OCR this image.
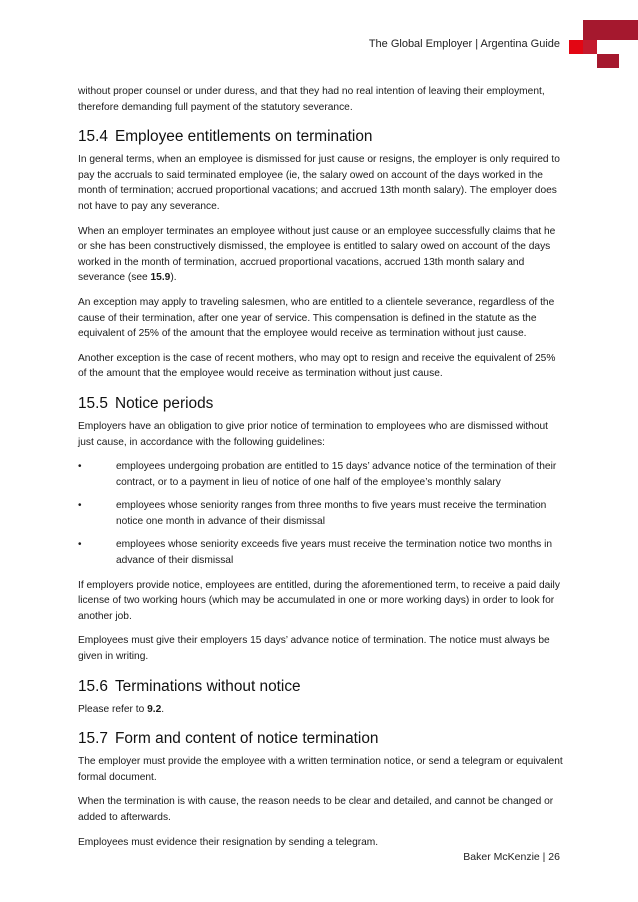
The Global Employer | Argentina Guide

without proper counsel or under duress, and that they had no real intention of leaving their employment, therefore demanding full payment of the statutory severance.

15.4 Employee entitlements on termination

In general terms, when an employee is dismissed for just cause or resigns, the employer is only required to pay the accruals to said terminated employee (ie, the salary owed on account of the days worked in the month of termination; accrued proportional vacations; and accrued 13th month salary). The employer does not have to pay any severance.

When an employer terminates an employee without just cause or an employee successfully claims that he or she has been constructively dismissed, the employee is entitled to salary owed on account of the days worked in the month of termination, accrued proportional vacations, accrued 13th month salary and severance (see 15.9).

An exception may apply to traveling salesmen, who are entitled to a clientele severance, regardless of the cause of their termination, after one year of service. This compensation is defined in the statute as the equivalent of 25% of the amount that the employee would receive as termination without just cause.

Another exception is the case of recent mothers, who may opt to resign and receive the equivalent of 25% of the amount that the employee would receive as termination without just cause.

15.5 Notice periods

Employers have an obligation to give prior notice of termination to employees who are dismissed without just cause, in accordance with the following guidelines:

•	employees undergoing probation are entitled to 15 days’ advance notice of the termination of their contract, or to a payment in lieu of notice of one half of the employee’s monthly salary
•	employees whose seniority ranges from three months to five years must receive the termination notice one month in advance of their dismissal
•	employees whose seniority exceeds five years must receive the termination notice two months in advance of their dismissal

If employers provide notice, employees are entitled, during the aforementioned term, to receive a paid daily license of two working hours (which may be accumulated in one or more working days) in order to look for another job.

Employees must give their employers 15 days’ advance notice of termination. The notice must always be given in writing.

15.6 Terminations without notice

Please refer to 9.2.

15.7 Form and content of notice termination

The employer must provide the employee with a written termination notice, or send a telegram or equivalent formal document.

When the termination is with cause, the reason needs to be clear and detailed, and cannot be changed or added to afterwards.

Employees must evidence their resignation by sending a telegram.

Baker McKenzie | 26
